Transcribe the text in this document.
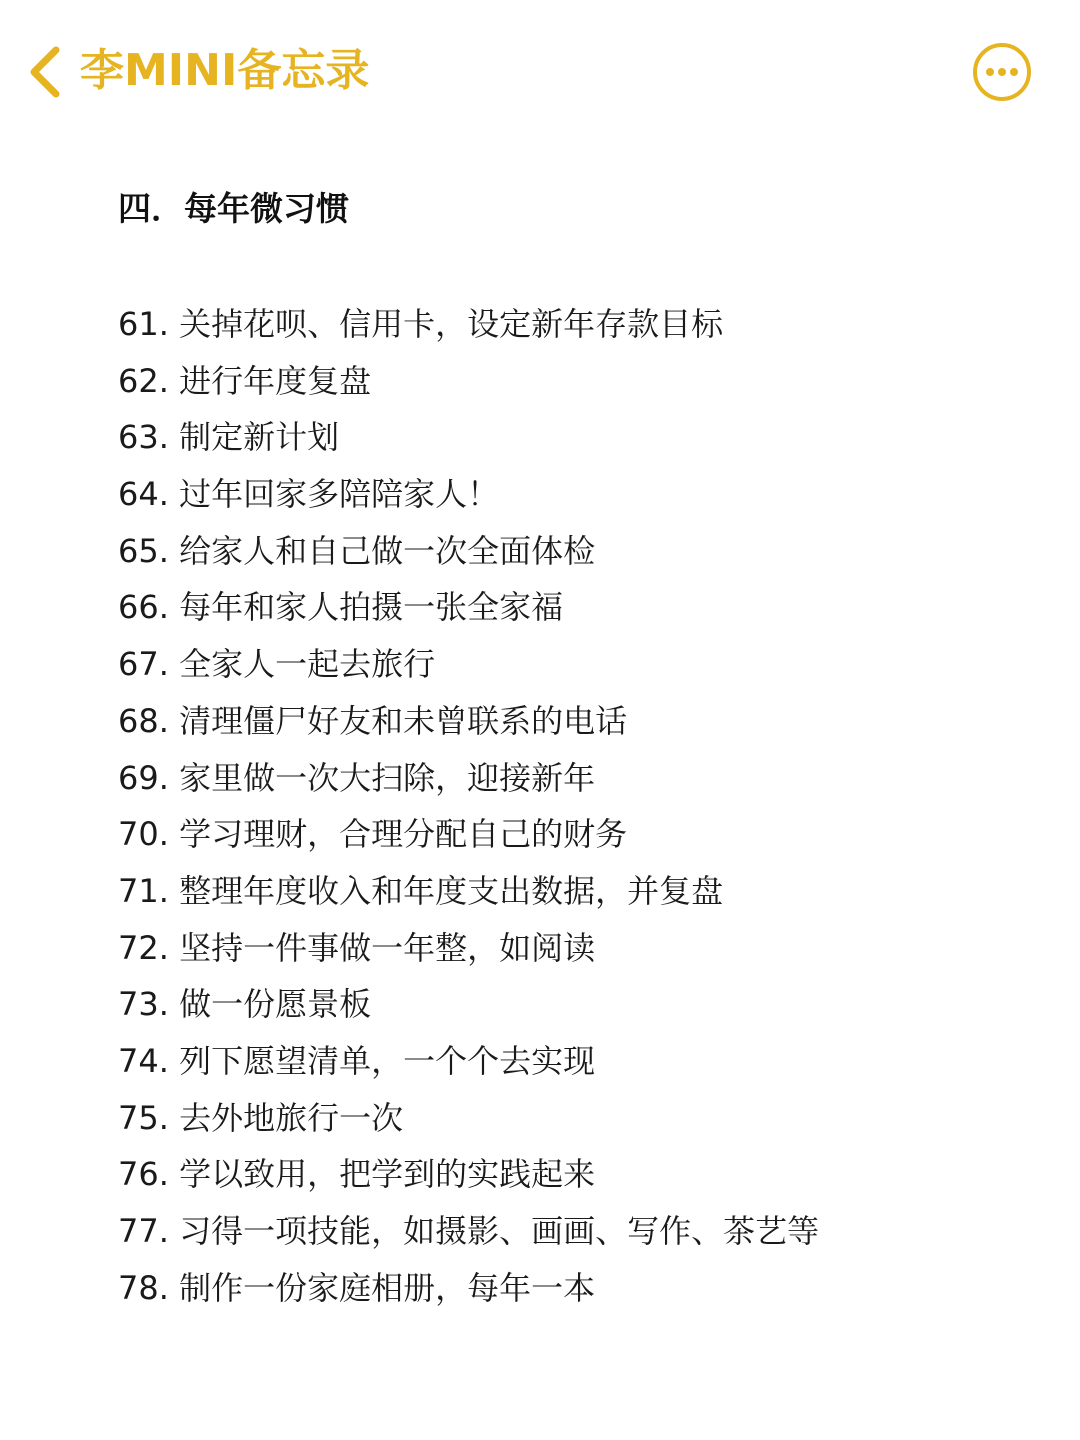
李MINI备忘录
四．每年微习惯
61. 关掉花呗、信用卡，设定新年存款目标
62. 进行年度复盘
63. 制定新计划
64. 过年回家多陪陪家人！
65. 给家人和自己做一次全面体检
66. 每年和家人拍摄一张全家福
67. 全家人一起去旅行
68. 清理僵尸好友和未曾联系的电话
69. 家里做一次大扫除，迎接新年
70. 学习理财，合理分配自己的财务
71. 整理年度收入和年度支出数据，并复盘
72. 坚持一件事做一年整，如阅读
73. 做一份愿景板
74. 列下愿望清单，一个个去实现
75. 去外地旅行一次
76. 学以致用，把学到的实践起来
77. 习得一项技能，如摄影、画画、写作、茶艺等
78. 制作一份家庭相册，每年一本
